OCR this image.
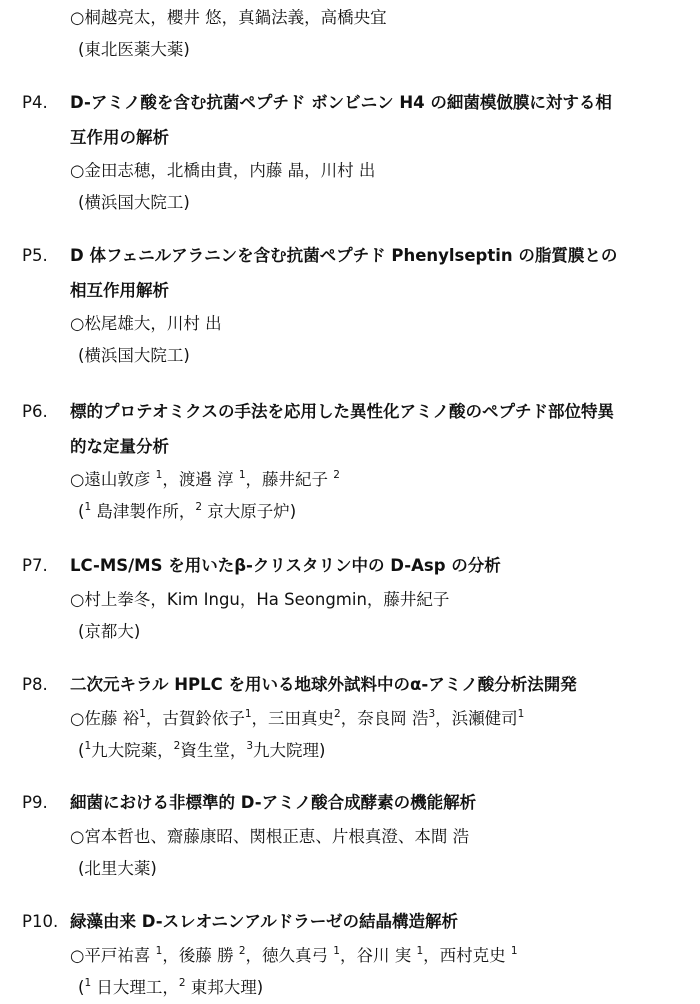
○桐越亮太，櫻井 悠，真鍋法義，高橋央宜
(東北医薬大薬)
P4. D-アミノ酸を含む抗菌ペプチド ボンビニン H4 の細菌模倣膜に対する相
互作用の解析
○金田志穂，北橋由貴，内藤 晶，川村 出
(横浜国大院工)
P5. D 体フェニルアラニンを含む抗菌ペプチド Phenylseptin の脂質膜との
相互作用解析
○松尾雄大，川村 出
(横浜国大院工)
P6. 標的プロテオミクスの手法を応用した異性化アミノ酸のペプチド部位特異
的な定量分析
○遠山敦彦 $^1$，渡邉 淳 $^1$，藤井紀子 $^2$
($^1$ 島津製作所，$^2$ 京大原子炉)
P7. LC-MS/MS を用いたβ-クリスタリン中の D-Asp の分析
○村上拳冬，Kim Ingu，Ha Seongmin，藤井紀子
(京都大)
P8. 二次元キラル HPLC を用いる地球外試料中のα-アミノ酸分析法開発
○佐藤 裕$^1$，古賀鈴依子$^1$，三田真史$^2$，奈良岡 浩$^3$，浜瀬健司$^1$
($^1$九大院薬，$^2$資生堂，$^3$九大院理)
P9. 細菌における非標準的 D-アミノ酸合成酵素の機能解析
○宮本哲也、齋藤康昭、関根正恵、片根真澄、本間 浩
(北里大薬)
P10. 緑藻由来 D-スレオニンアルドラーゼの結晶構造解析
○平戸祐喜 $^1$，後藤 勝 $^2$，徳久真弓 $^1$，谷川 実 $^1$，西村克史 $^1$
($^1$ 日大理工，$^2$ 東邦大理)
